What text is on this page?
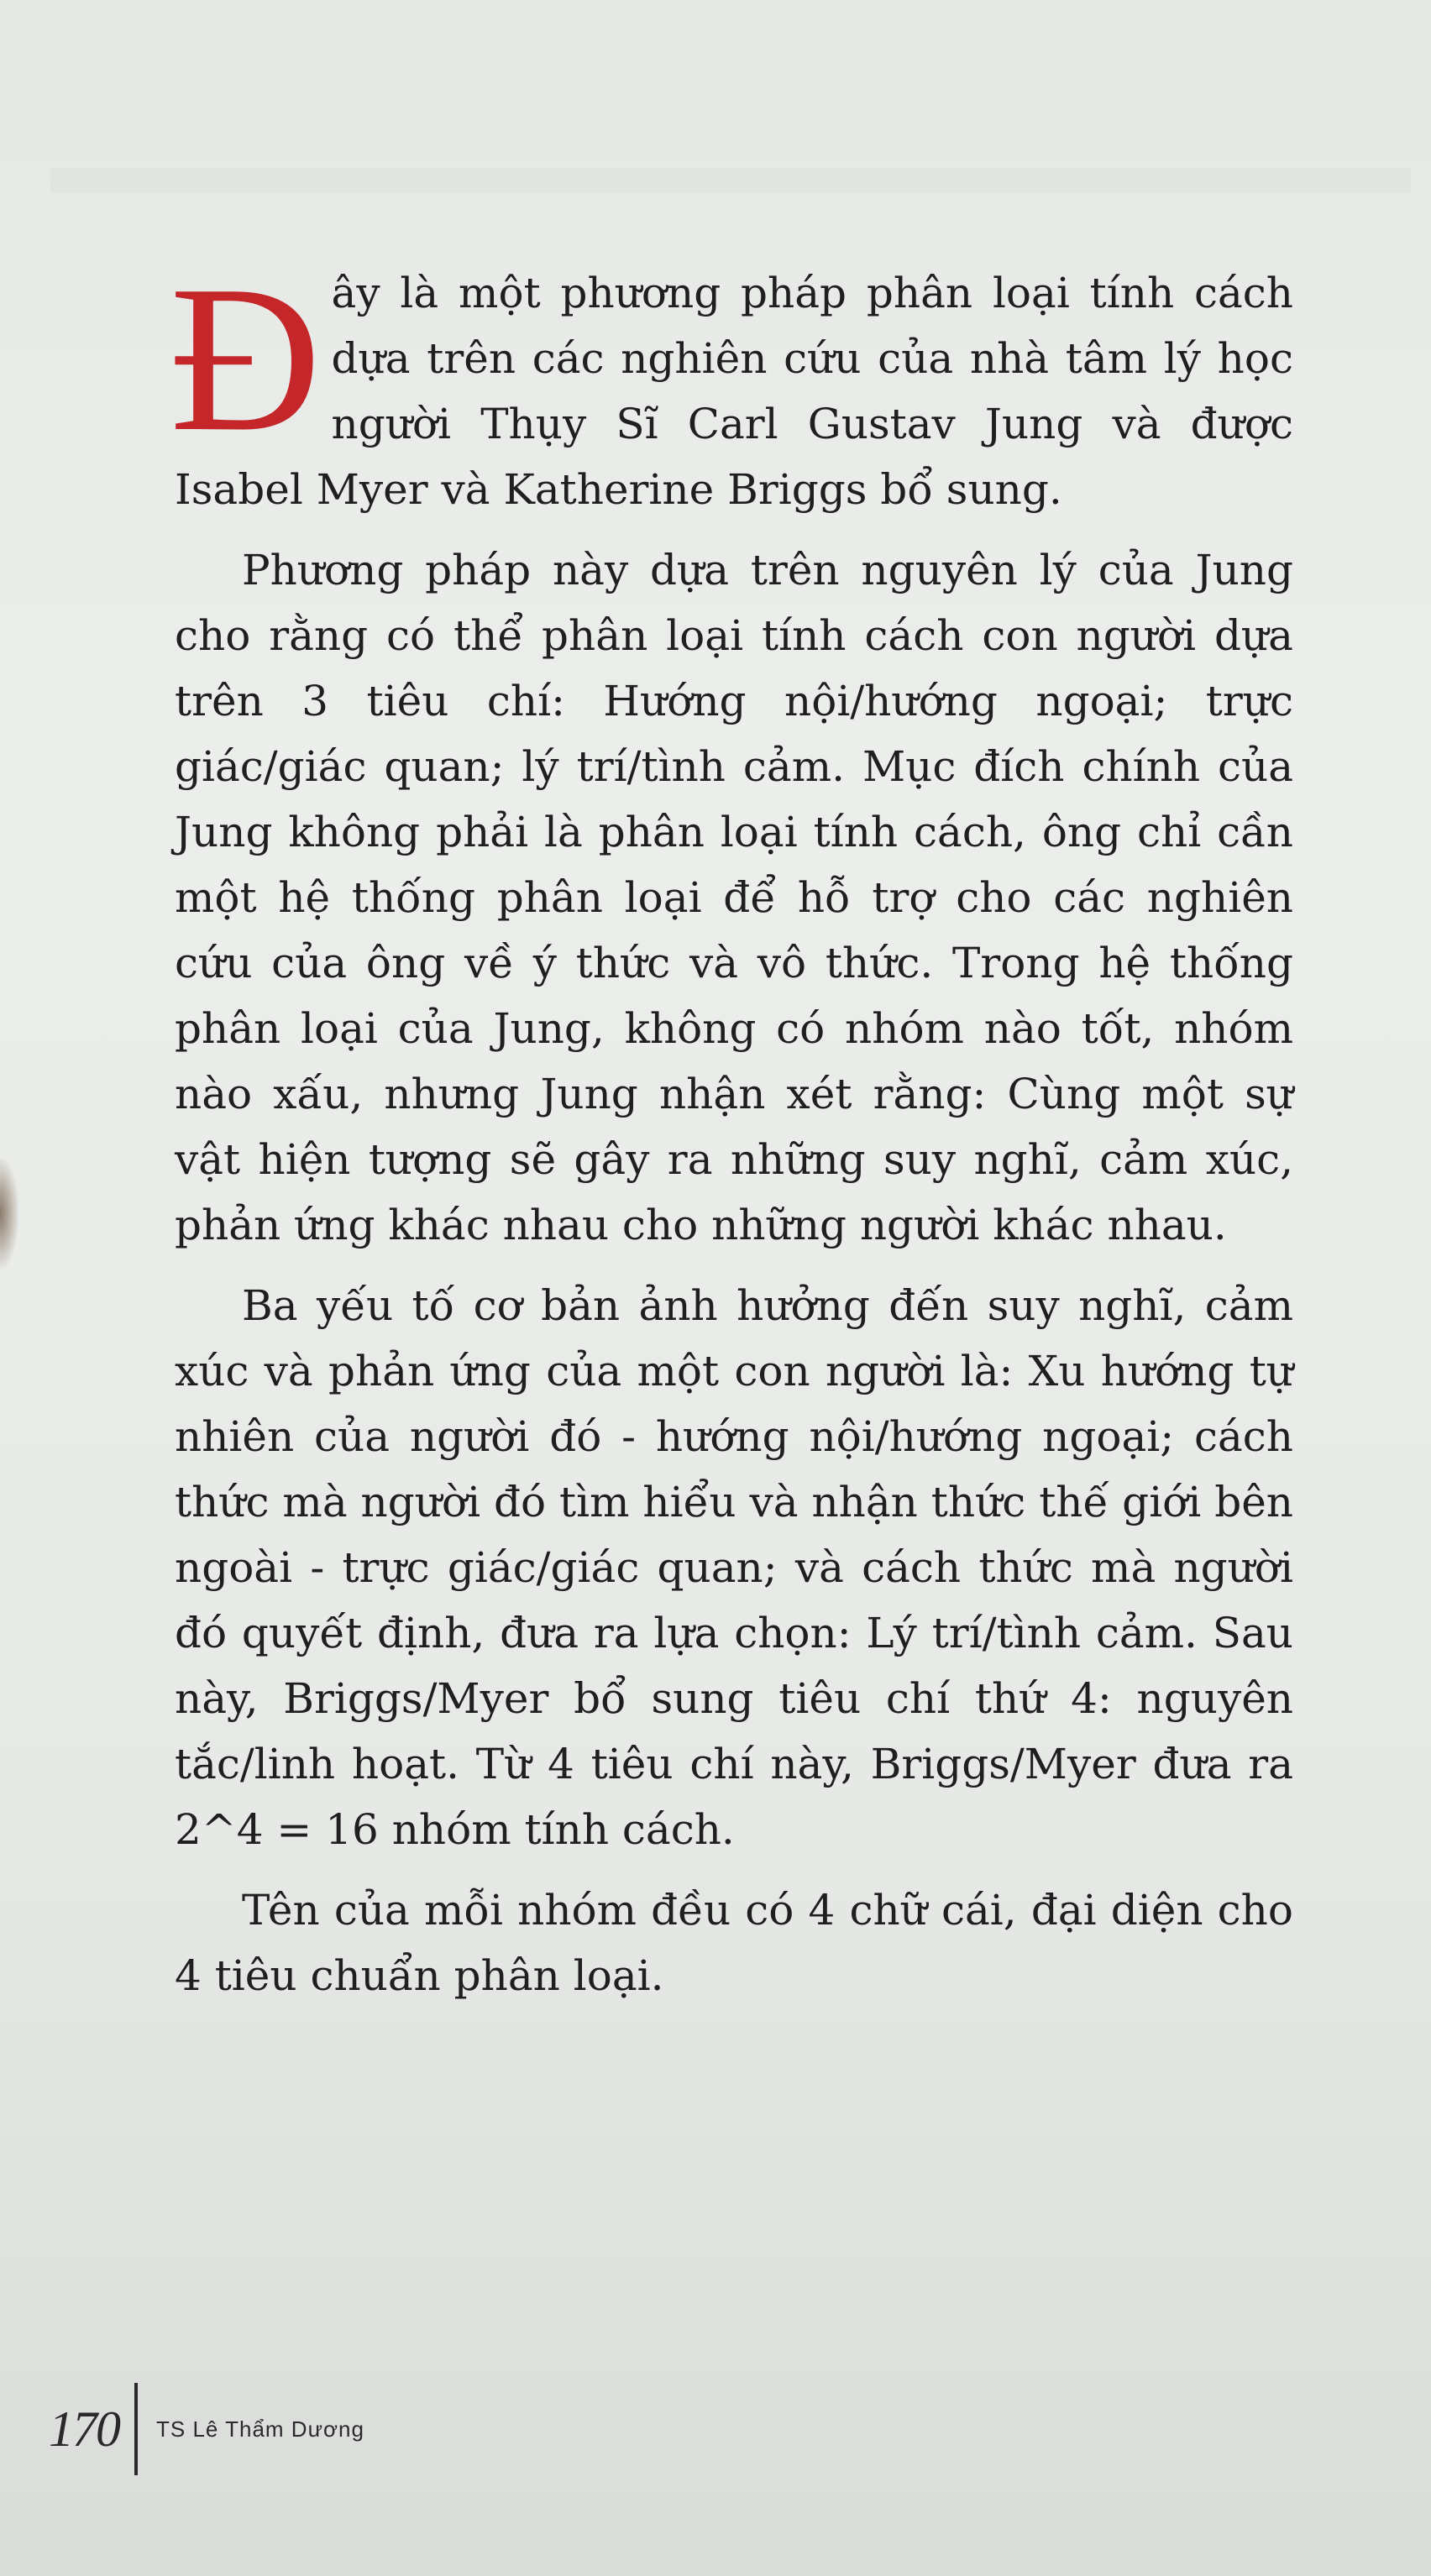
Đây là một phương pháp phân loại tính cách dựa trên các nghiên cứu của nhà tâm lý học người Thụy Sĩ Carl Gustav Jung và được Isabel Myer và Katherine Briggs bổ sung.

Phương pháp này dựa trên nguyên lý của Jung cho rằng có thể phân loại tính cách con người dựa trên 3 tiêu chí: Hướng nội/hướng ngoại; trực giác/giác quan; lý trí/tình cảm. Mục đích chính của Jung không phải là phân loại tính cách, ông chỉ cần một hệ thống phân loại để hỗ trợ cho các nghiên cứu của ông về ý thức và vô thức. Trong hệ thống phân loại của Jung, không có nhóm nào tốt, nhóm nào xấu, nhưng Jung nhận xét rằng: Cùng một sự vật hiện tượng sẽ gây ra những suy nghĩ, cảm xúc, phản ứng khác nhau cho những người khác nhau.

Ba yếu tố cơ bản ảnh hưởng đến suy nghĩ, cảm xúc và phản ứng của một con người là: Xu hướng tự nhiên của người đó - hướng nội/hướng ngoại; cách thức mà người đó tìm hiểu và nhận thức thế giới bên ngoài - trực giác/giác quan; và cách thức mà người đó quyết định, đưa ra lựa chọn: Lý trí/tình cảm. Sau này, Briggs/Myer bổ sung tiêu chí thứ 4: nguyên tắc/linh hoạt. Từ 4 tiêu chí này, Briggs/Myer đưa ra 2^4 = 16 nhóm tính cách.

Tên của mỗi nhóm đều có 4 chữ cái, đại diện cho 4 tiêu chuẩn phân loại.

170 TS Lê Thẩm Dương
